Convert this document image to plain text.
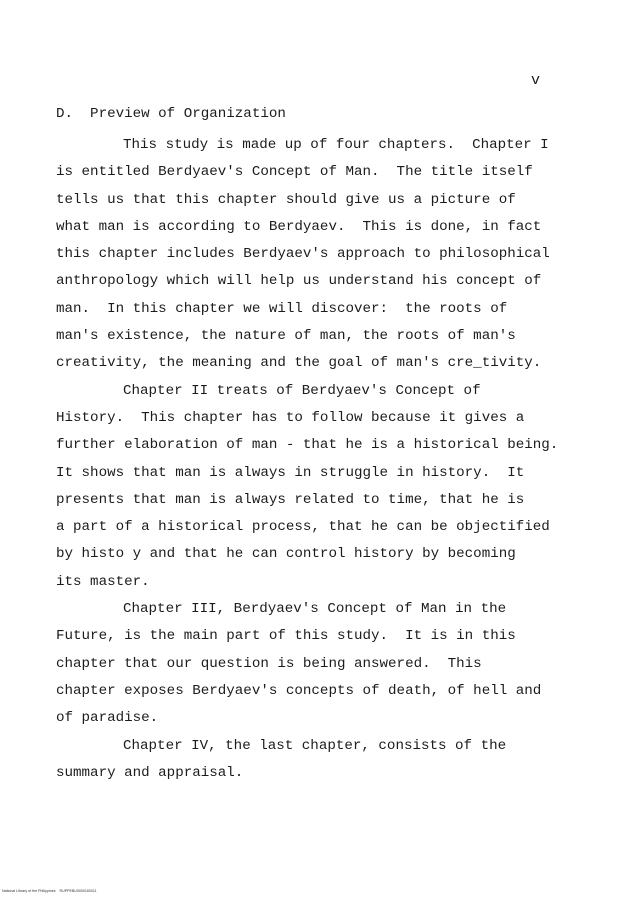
v
D.  Preview of Organization
This study is made up of four chapters.  Chapter I
is entitled Berdyaev's Concept of Man.  The title itself
tells us that this chapter should give us a picture of
what man is according to Berdyaev.  This is done, in fact
this chapter includes Berdyaev's approach to philosophical
anthropology which will help us understand his concept of
man.  In this chapter we will discover:  the roots of
man's existence, the nature of man, the roots of man's
creativity, the meaning and the goal of man's cre_tivity.
Chapter II treats of Berdyaev's Concept of
History.  This chapter has to follow because it gives a
further elaboration of man - that he is a historical being.
It shows that man is always in struggle in history.  It
presents that man is always related to time, that he is
a part of a historical process, that he can be objectified
by histo y and that he can control history by becoming
its master.
Chapter III, Berdyaev's Concept of Man in the
Future, is the main part of this study.  It is in this
chapter that our question is being answered.  This
chapter exposes Berdyaev's concepts of death, of hell and
of paradise.
Chapter IV, the last chapter, consists of the
summary and appraisal.
National Library of the Philippines    RUPPEBU0000160011
